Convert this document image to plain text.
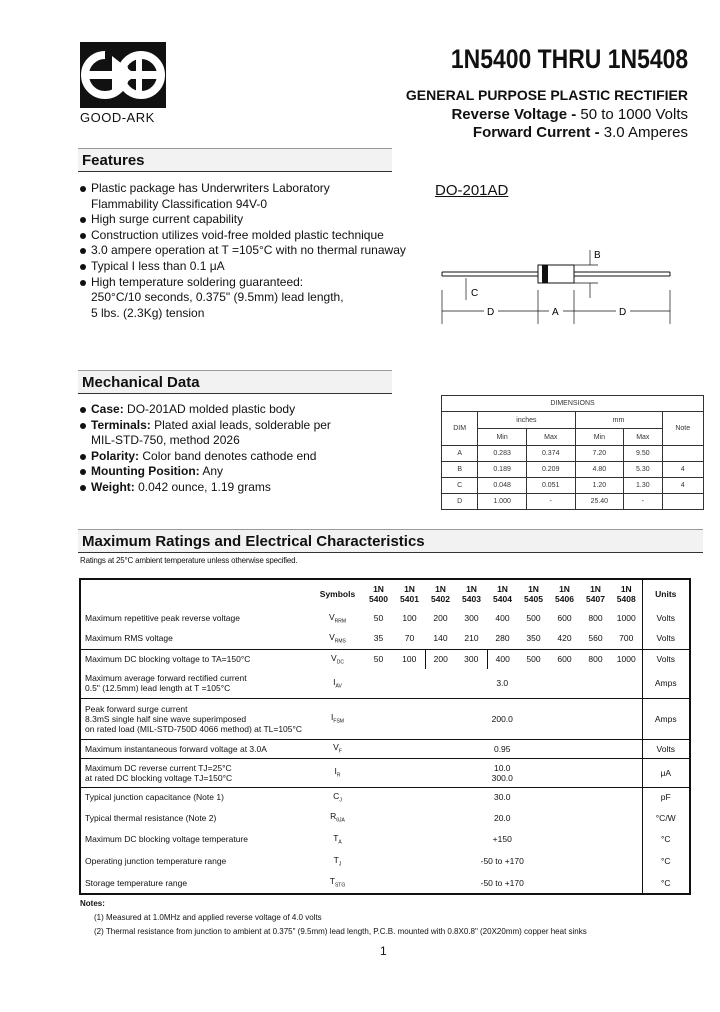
GOOD-ARK
1N5400 THRU 1N5408
GENERAL PURPOSE PLASTIC RECTIFIER
Reverse Voltage - 50 to 1000 Volts
Forward Current - 3.0 Amperes
Features
Plastic package has Underwriters Laboratory
Flammability Classification 94V-0
High surge current capability
Construction utilizes void-free molded plastic technique
3.0 ampere operation at T =105°C with no thermal runaway
Typical I less than 0.1 μA
High temperature soldering guaranteed:
250°C/10 seconds, 0.375" (9.5mm) lead length,
5 lbs. (2.3Kg) tension
DO-201AD
B
C
D	A	D
Mechanical Data
Case: DO-201AD molded plastic body
Terminals: Plated axial leads, solderable per
MIL-STD-750, method 2026
Polarity: Color band denotes cathode end
Mounting Position: Any
Weight: 0.042 ounce, 1.19 grams
DIMENSIONS					
DIM	inches		mm		Note
	Min	Max	Min	Max	
A	0.283	0.374	7.20	9.50	
B	0.189	0.209	4.80	5.30	4
C	0.048	0.051	1.20	1.30	4
D	1.000	-	25.40	-	
Maximum Ratings and Electrical Characteristics
Ratings at 25°C ambient temperature unless otherwise specified.
	Symbols	1N 5400	1N 5401	1N 5402	1N 5403	1N 5404	1N 5405	1N 5406	1N 5407	1N 5408	Units
Maximum repetitive peak reverse voltage	$V_{RRM}$	50	100	200	300	400	500	600	800	1000	Volts
Maximum RMS voltage	$V_{RMS}$	35	70	140	210	280	350	420	560	700	Volts
Maximum DC blocking voltage to TA=150°C	$V_{DC}$	50	100	200	300	400	500	600	800	1000	Volts
Maximum average forward rectified current
0.5" (12.5mm) lead length at T =105°C	$I_{AV}$	3.0									Amps
Peak forward surge current
8.3mS single half sine wave superimposed
on rated load (MIL-STD-750D 4066 method) at TL=105°C	$I_{FSM}$	200.0									Amps
Maximum instantaneous forward voltage at 3.0A	$V_F$	0.95									Volts
Maximum DC reverse current TJ=25°C
at rated DC blocking voltage TJ=150°C	$I_R$	10.0
300.0									μA
Typical junction capacitance (Note 1)	$C_J$	30.0									pF
Typical thermal resistance (Note 2)	$R_{\theta JA}$	20.0									°C/W
Maximum DC blocking voltage temperature	$T_A$	+150									°C
Operating junction temperature range	$T_J$	-50 to +170									°C
Storage temperature range	$T_{STG}$	-50 to +170									°C
Notes:
(1) Measured at 1.0MHz and applied reverse voltage of 4.0 volts
(2) Thermal resistance from junction to ambient at 0.375" (9.5mm) lead length, P.C.B. mounted with 0.8X0.8" (20X20mm) copper heat sinks
1
